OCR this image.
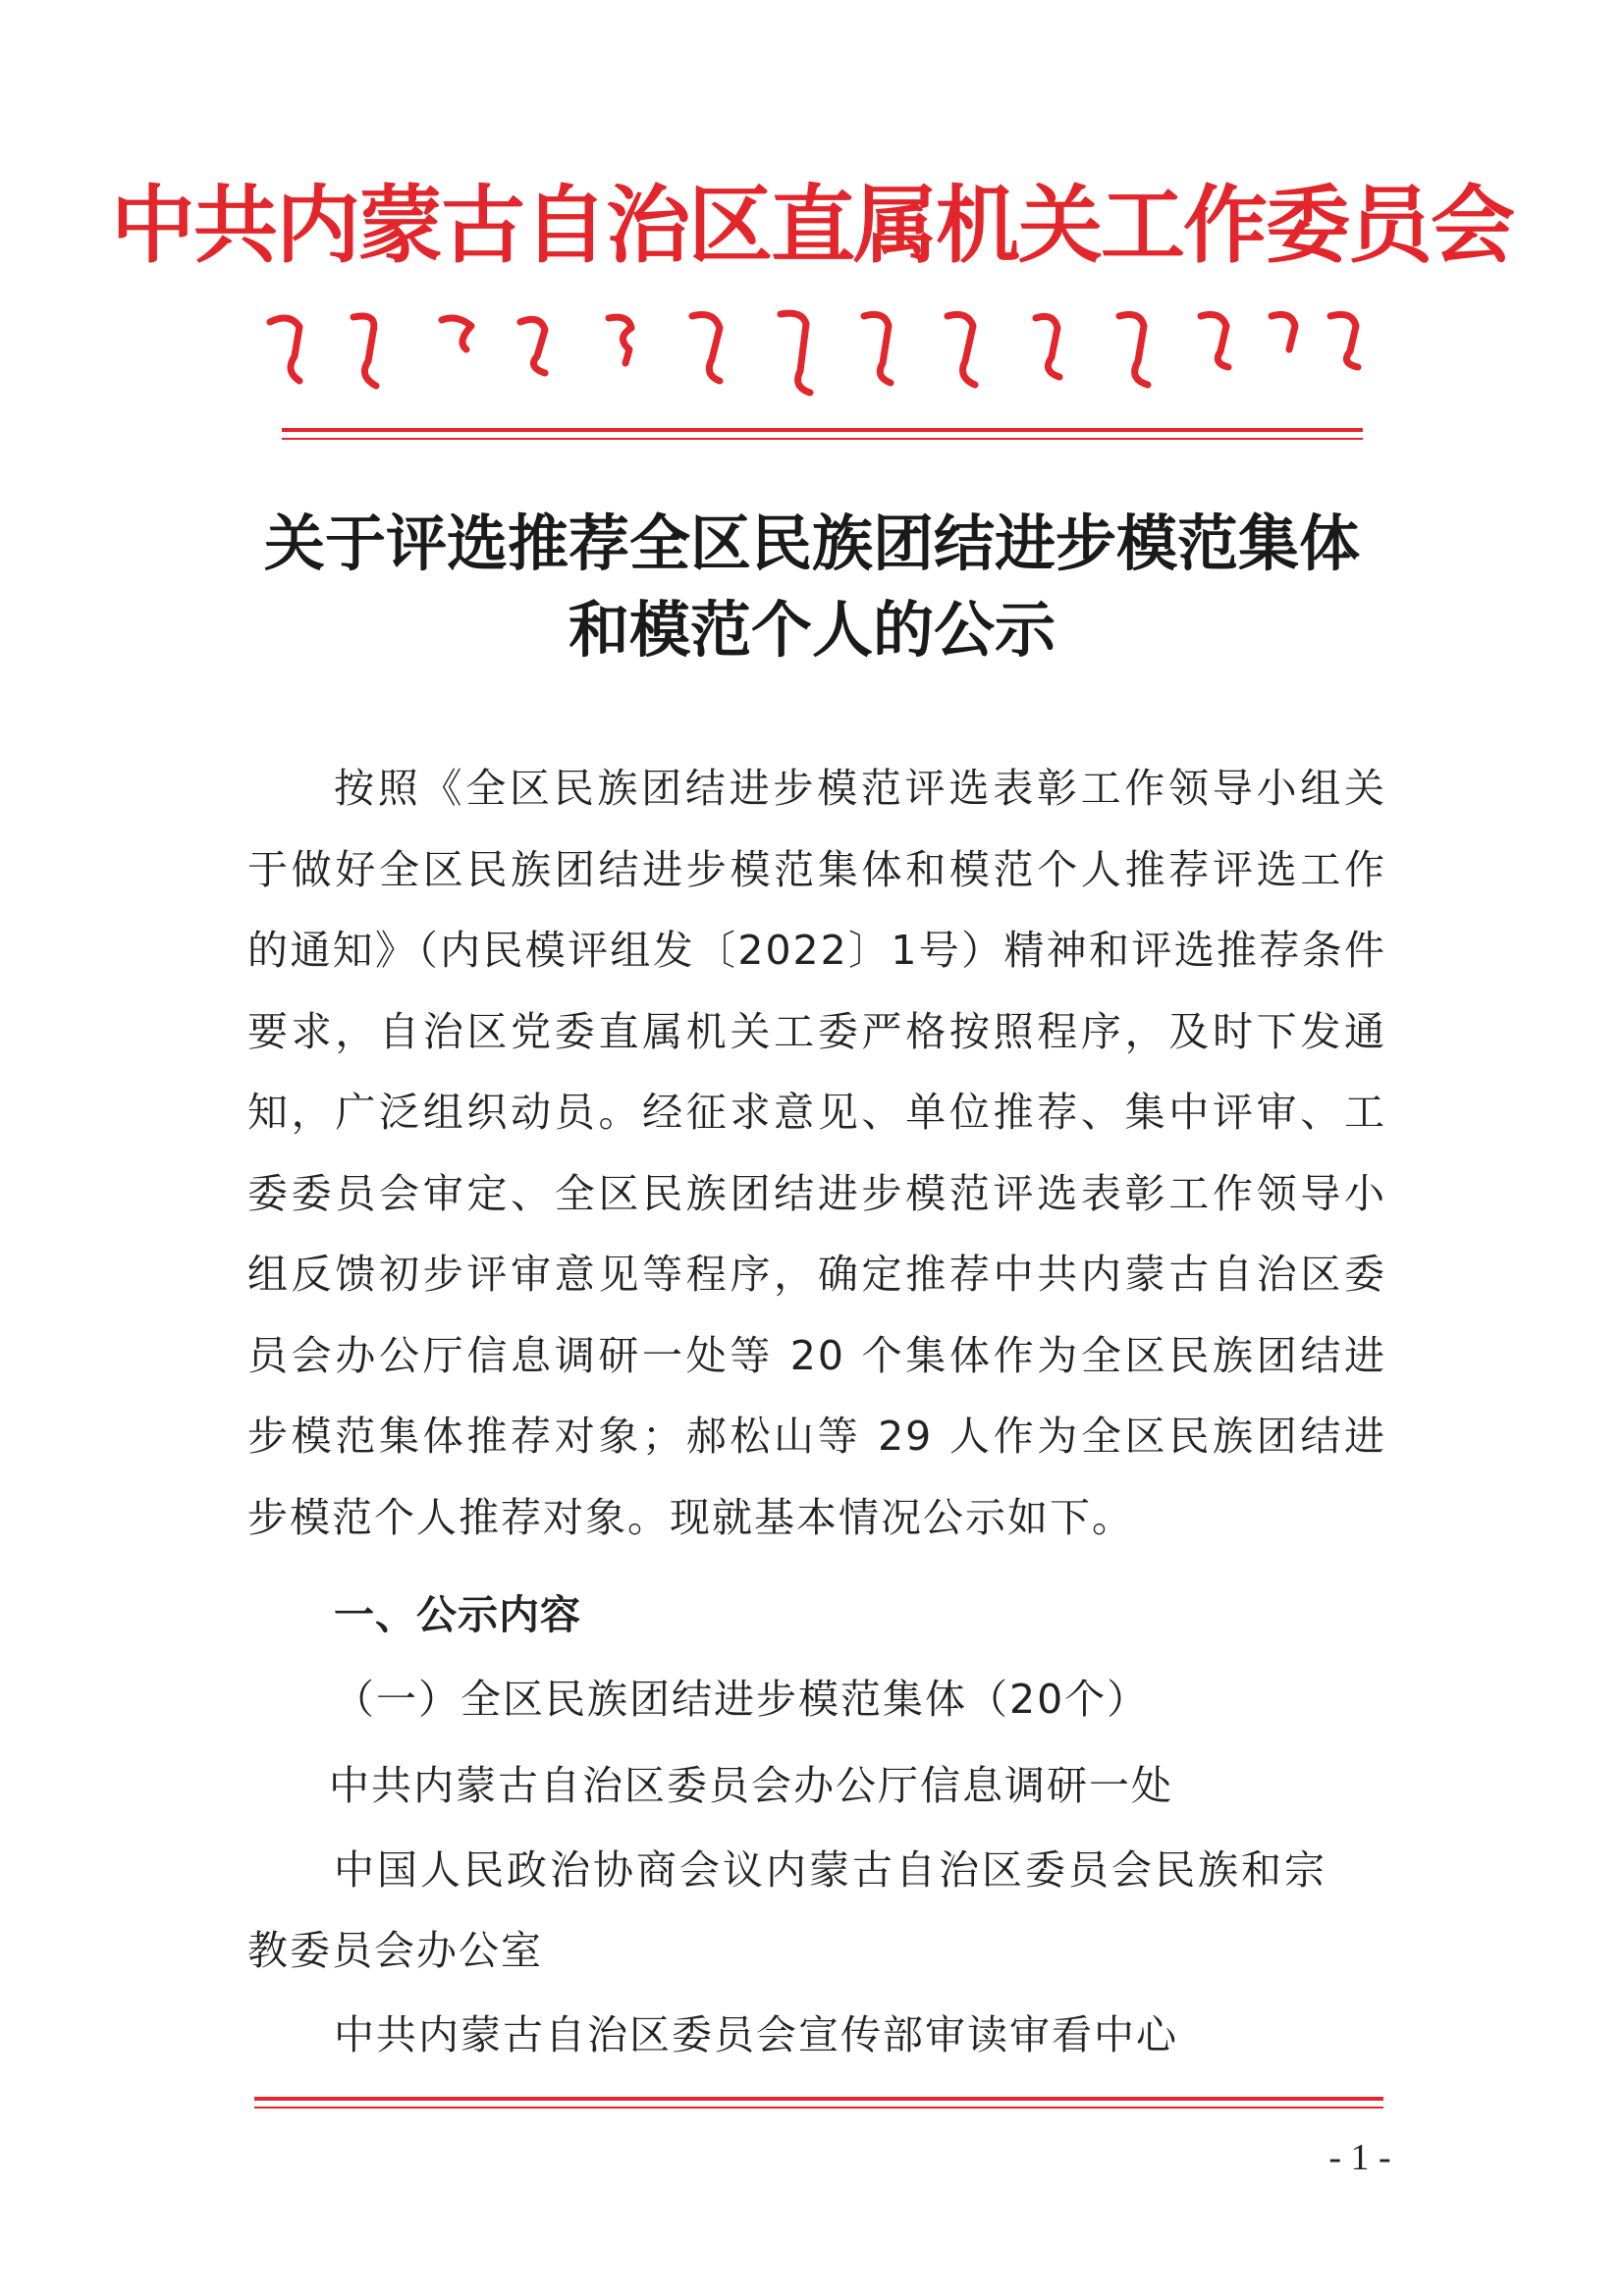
中共内蒙古自治区直属机关工作委员会
关于评选推荐全区民族团结进步模范集体
和模范个人的公示
按照《全区民族团结进步模范评选表彰工作领导小组关于做好全区民族团结进步模范集体和模范个人推荐评选工作的通知》（内民模评组发〔2022〕1号）精神和评选推荐条件要求，自治区党委直属机关工委严格按照程序，及时下发通知，广泛组织动员。经征求意见、单位推荐、集中评审、工委委员会审定、全区民族团结进步模范评选表彰工作领导小组反馈初步评审意见等程序，确定推荐中共内蒙古自治区委员会办公厅信息调研一处等 20 个集体作为全区民族团结进步模范集体推荐对象；郝松山等 29 人作为全区民族团结进步模范个人推荐对象。现就基本情况公示如下。
一、公示内容
（一）全区民族团结进步模范集体（20个）
中共内蒙古自治区委员会办公厅信息调研一处
中国人民政治协商会议内蒙古自治区委员会民族和宗
教委员会办公室
中共内蒙古自治区委员会宣传部审读审看中心
- 1 -
